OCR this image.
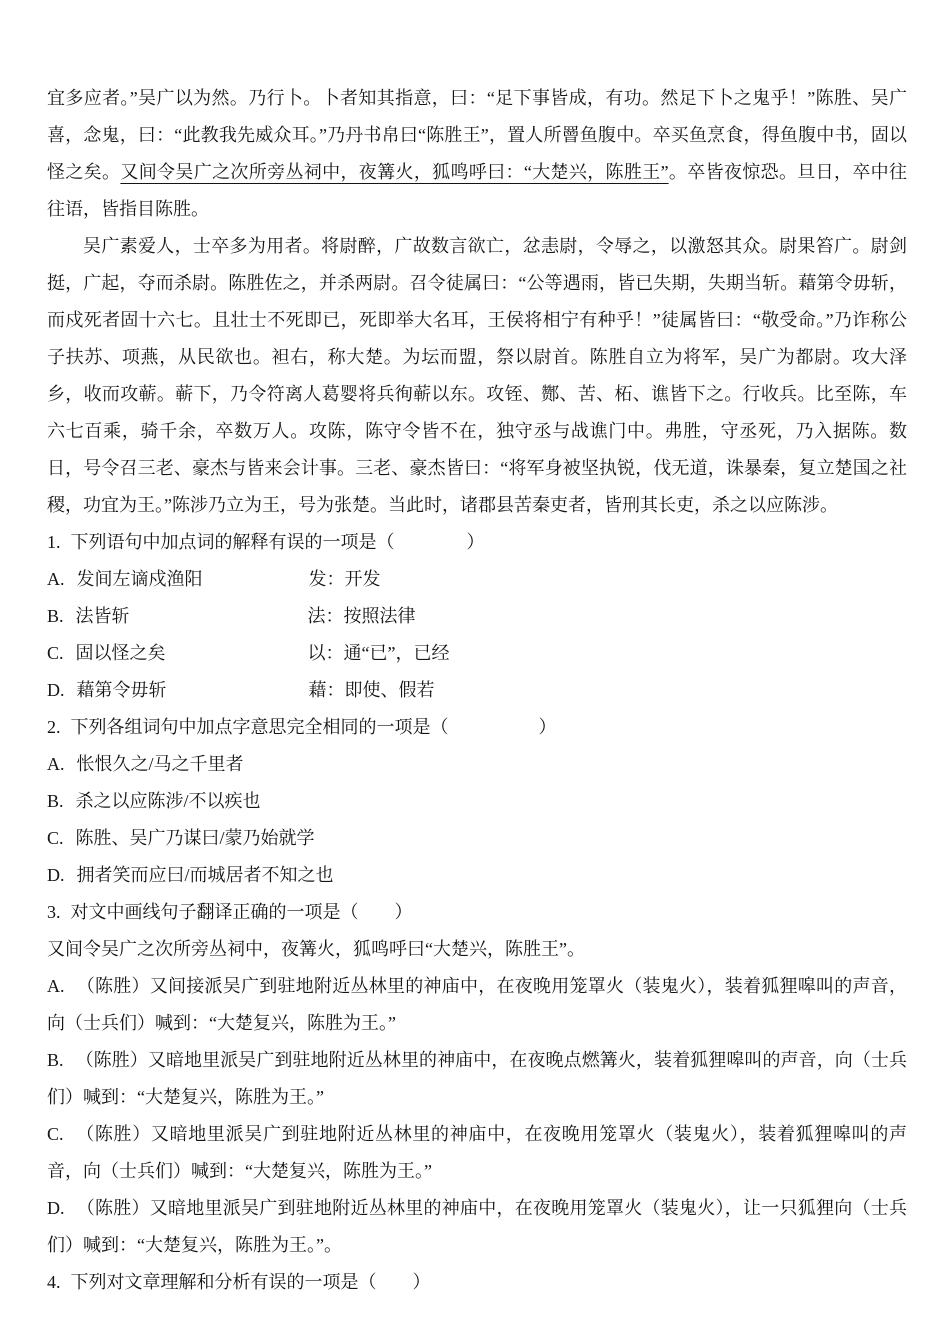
宜多应者。”吴广以为然。乃行卜。卜者知其指意，曰：“足下事皆成，有功。然足下卜之鬼乎！”陈胜、吴广喜，念鬼，曰：“此教我先威众耳。”乃丹书帛曰“陈胜王”，置人所罾鱼腹中。卒买鱼烹食，得鱼腹中书，固以怪之矣。又间令吴广之次所旁丛祠中，夜篝火，狐鸣呼曰：“大楚兴，陈胜王”。卒皆夜惊恐。旦日，卒中往往语，皆指目陈胜。

吴广素爱人，士卒多为用者。将尉醉，广故数言欲亡，忿恚尉，令辱之，以激怒其众。尉果笞广。尉剑挺，广起，夺而杀尉。陈胜佐之，并杀两尉。召令徒属曰：“公等遇雨，皆已失期，失期当斩。藉第令毋斩，而戍死者固十六七。且壮士不死即已，死即举大名耳，王侯将相宁有种乎！”徒属皆曰：“敬受命。”乃诈称公子扶苏、项燕，从民欲也。袒右，称大楚。为坛而盟，祭以尉首。陈胜自立为将军，吴广为都尉。攻大泽乡，收而攻蕲。蕲下，乃令符离人葛婴将兵徇蕲以东。攻铚、酂、苦、柘、谯皆下之。行收兵。比至陈，车六七百乘，骑千余，卒数万人。攻陈，陈守令皆不在，独守丞与战谯门中。弗胜，守丞死，乃入据陈。数日，号令召三老、豪杰与皆来会计事。三老、豪杰皆曰：“将军身被坚执锐，伐无道，诛暴秦，复立楚国之社稷，功宜为王。”陈涉乃立为王，号为张楚。当此时，诸郡县苦秦吏者，皆刑其长吏，杀之以应陈涉。

1. 下列语句中加点词的解释有误的一项是（　　　　）

A. 发间左谪戍渔阳	发：开发

B. 法皆斩	法：按照法律

C. 固以怪之矣	以：通“已”，已经

D. 藉第令毋斩	藉：即使、假若

2. 下列各组词句中加点字意思完全相同的一项是（　　　　　）

A. 怅恨久之/马之千里者

B. 杀之以应陈涉/不以疾也

C. 陈胜、吴广乃谋曰/蒙乃始就学

D. 拥者笑而应曰/而城居者不知之也

3. 对文中画线句子翻译正确的一项是（　　）

又间令吴广之次所旁丛祠中，夜篝火，狐鸣呼曰“大楚兴，陈胜王”。

A. （陈胜）又间接派吴广到驻地附近丛林里的神庙中，在夜晚用笼罩火（装鬼火），装着狐狸嗥叫的声音，向（士兵们）喊到：“大楚复兴，陈胜为王。”

B. （陈胜）又暗地里派吴广到驻地附近丛林里的神庙中，在夜晚点燃篝火，装着狐狸嗥叫的声音，向（士兵们）喊到：“大楚复兴，陈胜为王。”

C. （陈胜）又暗地里派吴广到驻地附近丛林里的神庙中，在夜晚用笼罩火（装鬼火），装着狐狸嗥叫的声音，向（士兵们）喊到：“大楚复兴，陈胜为王。”

D. （陈胜）又暗地里派吴广到驻地附近丛林里的神庙中，在夜晚用笼罩火（装鬼火），让一只狐狸向（士兵们）喊到：“大楚复兴，陈胜为王。”。

4. 下列对文章理解和分析有误的一项是（　　）
